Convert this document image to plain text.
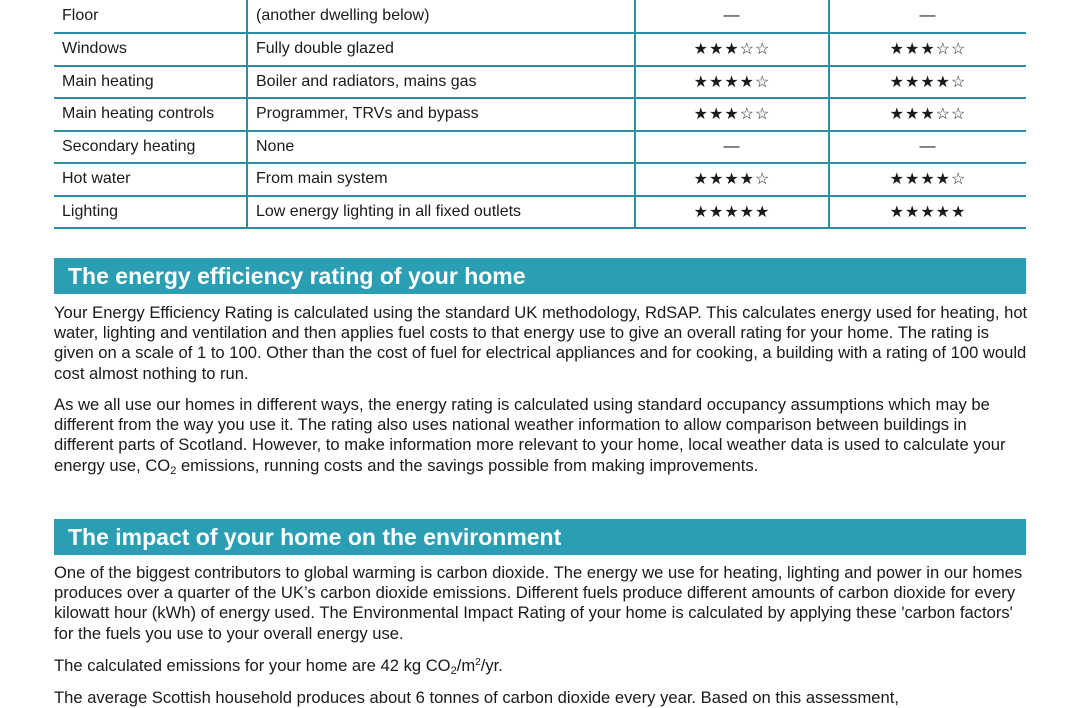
Floor	(another dwelling below)	—	—
Windows	Fully double glazed	★★★☆☆	★★★☆☆
Main heating	Boiler and radiators, mains gas	★★★★☆	★★★★☆
Main heating controls	Programmer, TRVs and bypass	★★★☆☆	★★★☆☆
Secondary heating	None	—	—
Hot water	From main system	★★★★☆	★★★★☆
Lighting	Low energy lighting in all fixed outlets	★★★★★	★★★★★
The energy efficiency rating of your home

Your Energy Efficiency Rating is calculated using the standard UK methodology, RdSAP. This calculates energy used for heating, hot water, lighting and ventilation and then applies fuel costs to that energy use to give an overall rating for your home. The rating is given on a scale of 1 to 100. Other than the cost of fuel for electrical appliances and for cooking, a building with a rating of 100 would cost almost nothing to run.

As we all use our homes in different ways, the energy rating is calculated using standard occupancy assumptions which may be different from the way you use it. The rating also uses national weather information to allow comparison between buildings in different parts of Scotland. However, to make information more relevant to your home, local weather data is used to calculate your energy use, $CO_2$ emissions, running costs and the savings possible from making improvements.

The impact of your home on the environment

One of the biggest contributors to global warming is carbon dioxide. The energy we use for heating, lighting and power in our homes produces over a quarter of the UK’s carbon dioxide emissions. Different fuels produce different amounts of carbon dioxide for every kilowatt hour (kWh) of energy used. The Environmental Impact Rating of your home is calculated by applying these 'carbon factors' for the fuels you use to your overall energy use.

The calculated emissions for your home are 42 kg $CO_2/m^2/yr$.

The average Scottish household produces about 6 tonnes of carbon dioxide every year. Based on this assessment,
